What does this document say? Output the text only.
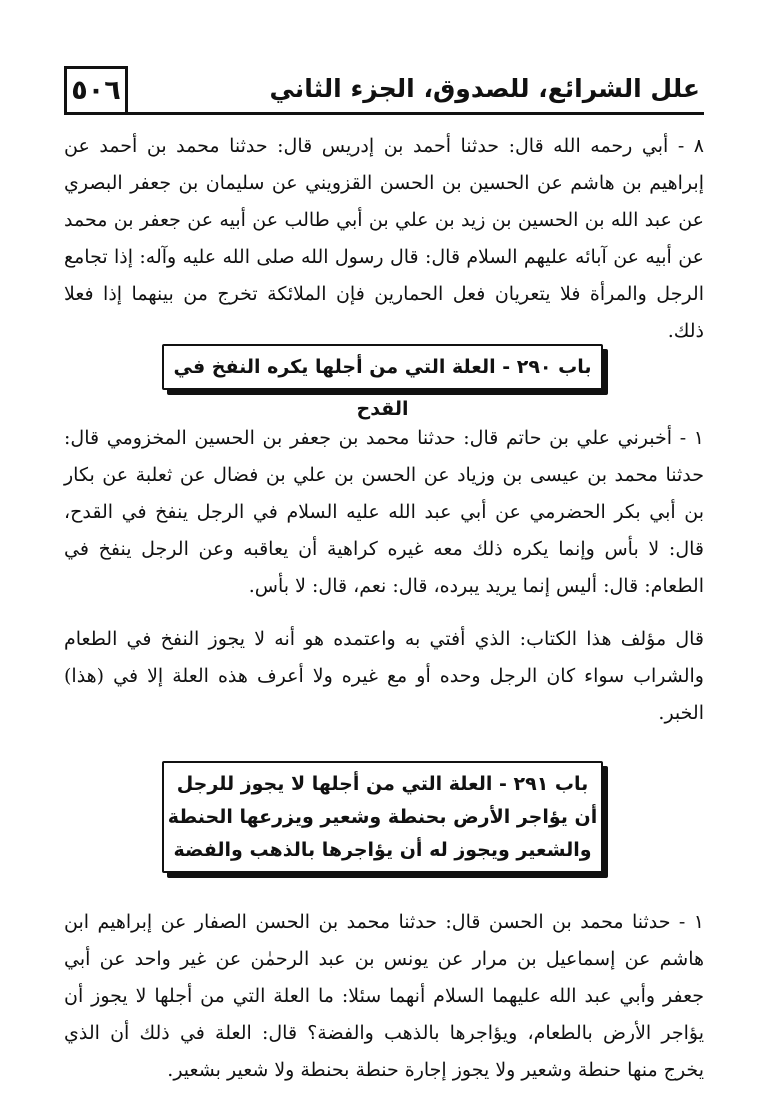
٥٠٦	علل الشرائع، للصدوق، الجزء الثاني
٨ - أبي رحمه الله قال: حدثنا أحمد بن إدريس قال: حدثنا محمد بن أحمد عن إبراهيم بن هاشم عن الحسين بن الحسن القزويني عن سليمان بن جعفر البصري عن عبد الله بن الحسين بن زيد بن علي بن أبي طالب عن أبيه عن جعفر بن محمد عن أبيه عن آبائه عليهم السلام قال: قال رسول الله صلى الله عليه وآله: إذا تجامع الرجل والمرأة فلا يتعريان فعل الحمارين فإن الملائكة تخرج من بينهما إذا فعلا ذلك.
باب ٢٩٠ - العلة التي من أجلها يكره النفخ في القدح
١ - أخبرني علي بن حاتم قال: حدثنا محمد بن جعفر بن الحسين المخزومي قال: حدثنا محمد بن عيسى بن وزياد عن الحسن بن علي بن فضال عن ثعلبة عن بكار بن أبي بكر الحضرمي عن أبي عبد الله عليه السلام في الرجل ينفخ في القدح، قال: لا بأس وإنما يكره ذلك معه غيره كراهية أن يعاقبه وعن الرجل ينفخ في الطعام: قال: أليس إنما يريد يبرده، قال: نعم، قال: لا بأس.
قال مؤلف هذا الكتاب: الذي أفتي به واعتمده هو أنه لا يجوز النفخ في الطعام والشراب سواء كان الرجل وحده أو مع غيره ولا أعرف هذه العلة إلا في (هذا) الخبر.
باب ٢٩١ - العلة التي من أجلها لا يجوز للرجل
أن يؤاجر الأرض بحنطة وشعير ويزرعها الحنطة
والشعير ويجوز له أن يؤاجرها بالذهب والفضة
١ - حدثنا محمد بن الحسن قال: حدثنا محمد بن الحسن الصفار عن إبراهيم ابن هاشم عن إسماعيل بن مرار عن يونس بن عبد الرحمٰن عن غير واحد عن أبي جعفر وأبي عبد الله عليهما السلام أنهما سئلا: ما العلة التي من أجلها لا يجوز أن يؤاجر الأرض بالطعام، ويؤاجرها بالذهب والفضة؟ قال: العلة في ذلك أن الذي يخرج منها حنطة وشعير ولا يجوز إجارة حنطة بحنطة ولا شعير بشعير.
